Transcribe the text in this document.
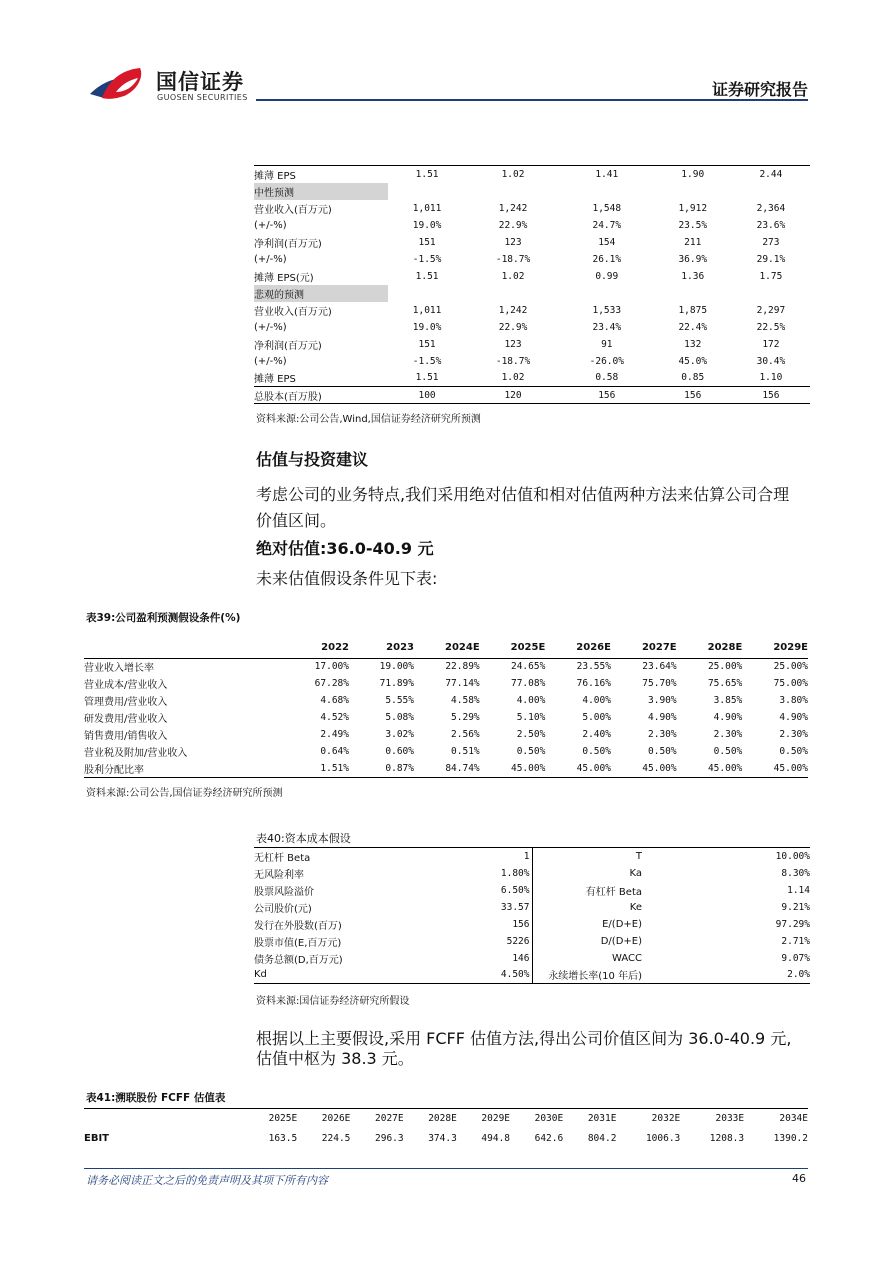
国信证券
GUOSEN SECURITIES	证券研究报告
摊薄 EPS	1.51	1.02	1.41	1.90	2.44
中性预测					
营业收入(百万元)	1,011	1,242	1,548	1,912	2,364
(+/-%)	19.0%	22.9%	24.7%	23.5%	23.6%
净利润(百万元)	151	123	154	211	273
(+/-%)	-1.5%	-18.7%	26.1%	36.9%	29.1%
摊薄 EPS(元)	1.51	1.02	0.99	1.36	1.75
悲观的预测					
营业收入(百万元)	1,011	1,242	1,533	1,875	2,297
(+/-%)	19.0%	22.9%	23.4%	22.4%	22.5%
净利润(百万元)	151	123	91	132	172
(+/-%)	-1.5%	-18.7%	-26.0%	45.0%	30.4%
摊薄 EPS	1.51	1.02	0.58	0.85	1.10
总股本(百万股)	100	120	156	156	156
资料来源:公司公告,Wind,国信证券经济研究所预测
估值与投资建议
考虑公司的业务特点,我们采用绝对估值和相对估值两种方法来估算公司合理
价值区间。
绝对估值:36.0-40.9 元
未来估值假设条件见下表:
表39:公司盈利预测假设条件(%)
	2022	2023	2024E	2025E	2026E	2027E	2028E	2029E
营业收入增长率	17.00%	19.00%	22.89%	24.65%	23.55%	23.64%	25.00%	25.00%
营业成本/营业收入	67.28%	71.89%	77.14%	77.08%	76.16%	75.70%	75.65%	75.00%
管理费用/营业收入	4.68%	5.55%	4.58%	4.00%	4.00%	3.90%	3.85%	3.80%
研发费用/营业收入	4.52%	5.08%	5.29%	5.10%	5.00%	4.90%	4.90%	4.90%
销售费用/销售收入	2.49%	3.02%	2.56%	2.50%	2.40%	2.30%	2.30%	2.30%
营业税及附加/营业收入	0.64%	0.60%	0.51%	0.50%	0.50%	0.50%	0.50%	0.50%
股利分配比率	1.51%	0.87%	84.74%	45.00%	45.00%	45.00%	45.00%	45.00%
资料来源:公司公告,国信证券经济研究所预测
表40:资本成本假设
无杠杆 Beta	1	T	10.00%
无风险利率	1.80%	Ka	8.30%
股票风险溢价	6.50%	有杠杆 Beta	1.14
公司股价(元)	33.57	Ke	9.21%
发行在外股数(百万)	156	E/(D+E)	97.29%
股票市值(E,百万元)	5226	D/(D+E)	2.71%
债务总额(D,百万元)	146	WACC	9.07%
Kd	4.50%	永续增长率(10 年后)	2.0%
资料来源:国信证券经济研究所假设
根据以上主要假设,采用 FCFF 估值方法,得出公司价值区间为 36.0-40.9 元,
估值中枢为 38.3 元。
表41:溯联股份 FCFF 估值表
	2025E	2026E	2027E	2028E	2029E	2030E	2031E	2032E	2033E	2034E
EBIT	163.5	224.5	296.3	374.3	494.8	642.6	804.2	1006.3	1208.3	1390.2
请务必阅读正文之后的免责声明及其项下所有内容	46
